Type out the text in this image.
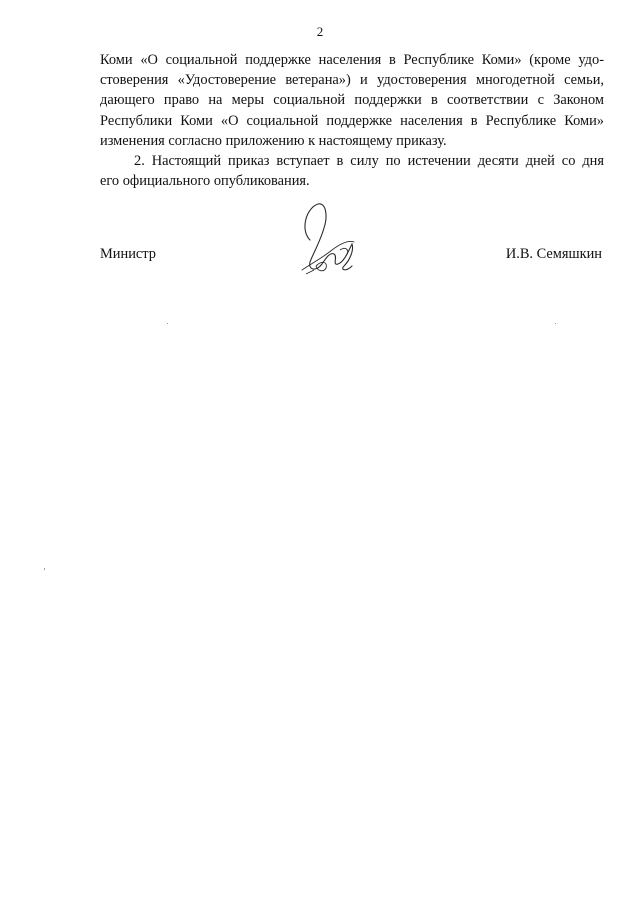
2

Коми «О социальной поддержке населения в Республике Коми» (кроме удо-
стоверения «Удостоверение ветерана») и удостоверения многодетной семьи,
дающего право на меры социальной поддержки в соответствии с Законом
Республики Коми «О социальной поддержке населения в Республике Коми»
изменения согласно приложению к настоящему приказу.

2. Настоящий приказ вступает в силу по истечении десяти дней со дня
его официального опубликования.

Министр	И.В. Семяшкин
